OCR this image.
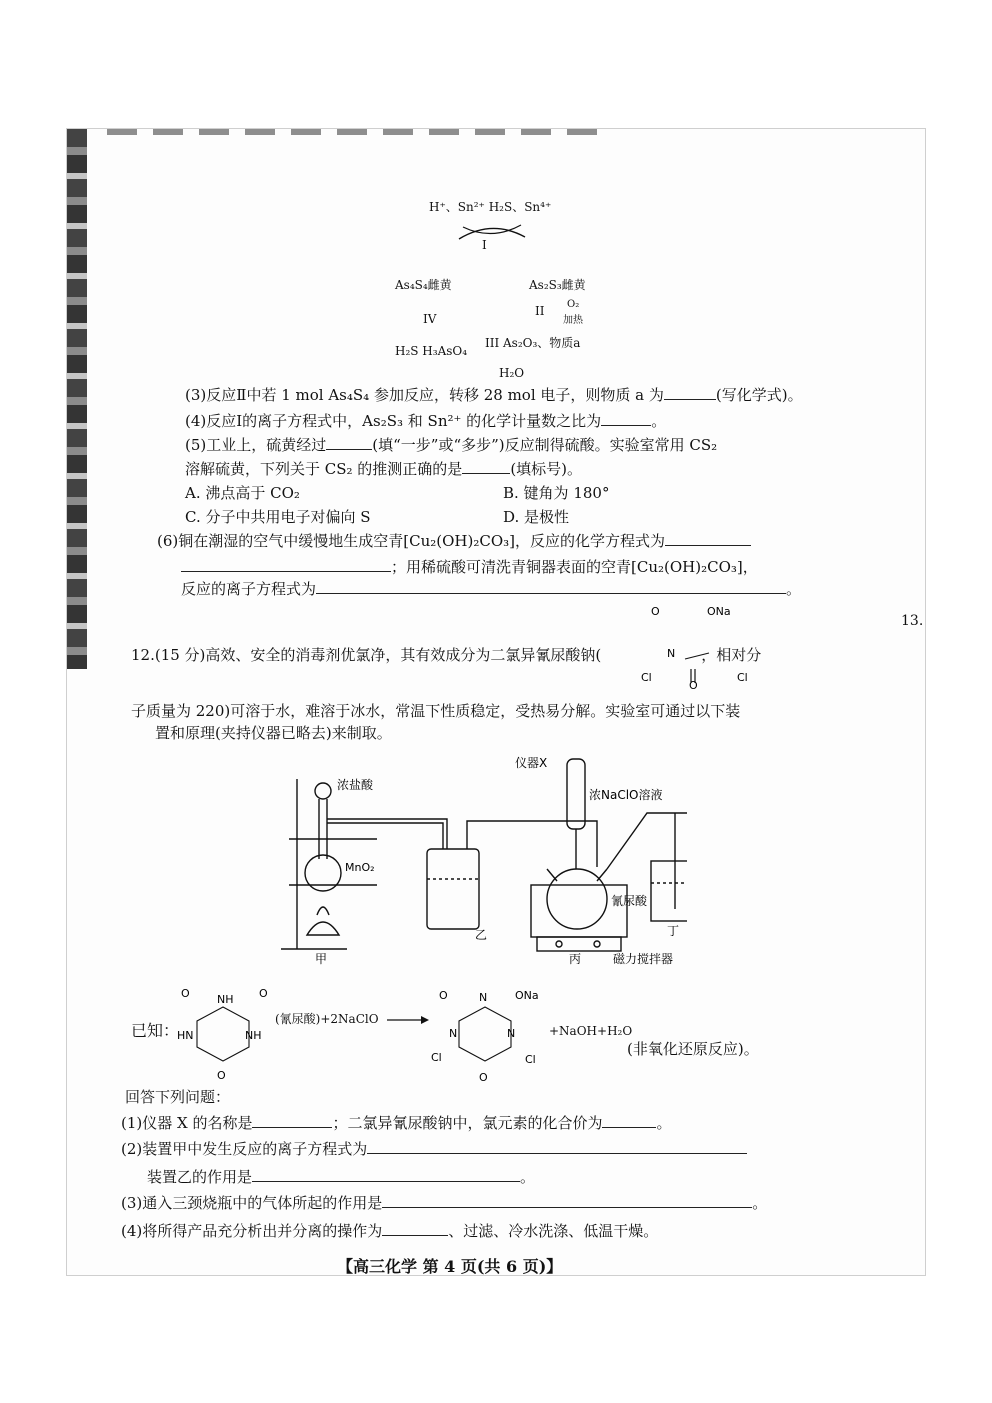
H⁺、Sn²⁺ H₂S、Sn⁴⁺
I
As₄S₄雌黄	As₂S₃雌黄
II O₂
加热
IV
H₂S H₃AsO₄
III As₂O₃、物质a
H₂O
(3)反应Ⅱ中若 1 mol As₄S₄ 参加反应，转移 28 mol 电子，则物质 a 为	(写化学式)。
(4)反应Ⅰ的离子方程式中，As₂S₃ 和 Sn²⁺ 的化学计量数之比为	。
(5)工业上，硫黄经过	(填“一步”或“多步”)反应制得硫酸。实验室常用 CS₂
溶解硫黄，下列关于 CS₂ 的推测正确的是	(填标号)。
A. 沸点高于 CO₂	B. 键角为 180°
C. 分子中共用电子对偏向 S	D. 是极性
(6)铜在潮湿的空气中缓慢地生成空青[Cu₂(OH)₂CO₃]，反应的化学方程式为
；用稀硫酸可清洗青铜器表面的空青[Cu₂(OH)₂CO₃]，
反应的离子方程式为	。
12.(15 分)高效、安全的消毒剂优氯净，其有效成分为二氯异氰尿酸钠(	，相对分
O	ONa
N
Cl	Cl
O
13.
子质量为 220)可溶于水，难溶于冰水，常温下性质稳定，受热易分解。实验室可通过以下装
置和原理(夹持仪器已略去)来制取。
浓盐酸
MnO₂
仪器X
浓NaClO溶液
氰尿酸
磁力搅拌器
甲
乙
丙
丁
已知：
O NH O
HN	NH
O
(氰尿酸)+2NaClO →
O	N	ONa
N	N
Cl	Cl
O
+NaOH+H₂O
(非氧化还原反应)。
回答下列问题：
(1)仪器 X 的名称是	；二氯异氰尿酸钠中，氯元素的化合价为	。
(2)装置甲中发生反应的离子方程式为
装置乙的作用是	。
(3)通入三颈烧瓶中的气体所起的作用是	。
(4)将所得产品充分析出并分离的操作为	、过滤、冷水洗涤、低温干燥。
【高三化学 第 4 页(共 6 页)】
